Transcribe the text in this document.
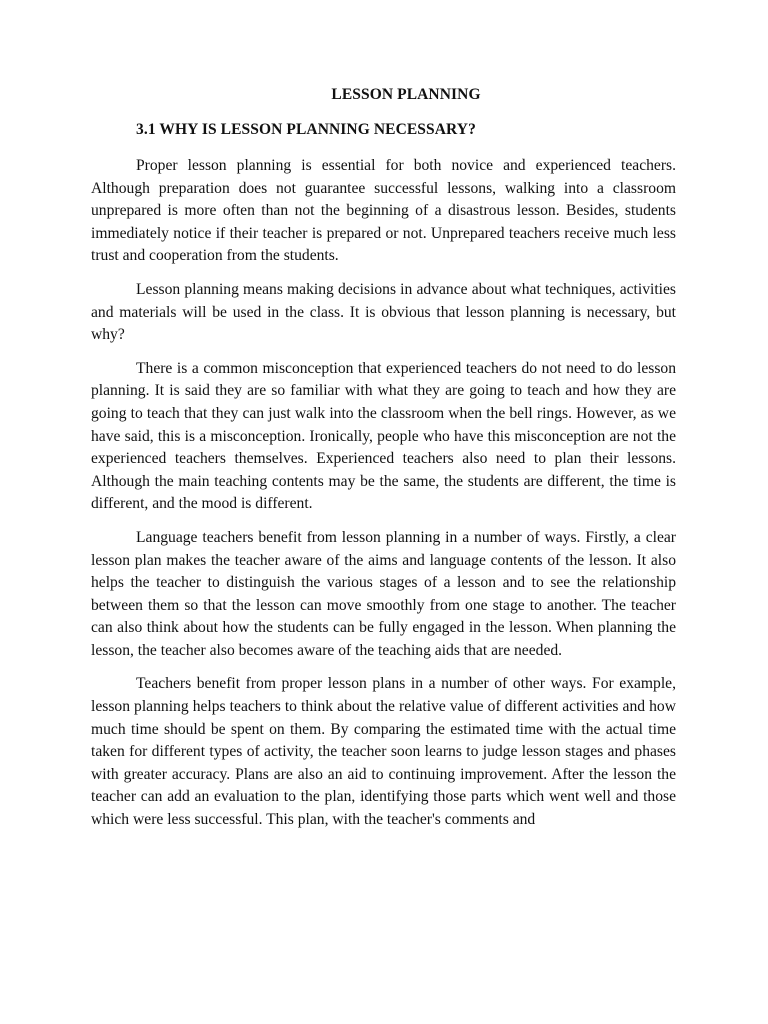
LESSON PLANNING
3.1 WHY IS LESSON PLANNING NECESSARY?

Proper lesson planning is essential for both novice and experienced teachers. Although preparation does not guarantee successful lessons, walking into a classroom unprepared is more often than not the beginning of a disastrous lesson. Besides, students immediately notice if their teacher is prepared or not. Unprepared teachers receive much less trust and cooperation from the students.

Lesson planning means making decisions in advance about what techniques, activities and materials will be used in the class. It is obvious that lesson planning is necessary, but why?

There is a common misconception that experienced teachers do not need to do lesson planning. It is said they are so familiar with what they are going to teach and how they are going to teach that they can just walk into the classroom when the bell rings. However, as we have said, this is a misconception. Ironically, people who have this misconception are not the experienced teachers themselves. Experienced teachers also need to plan their lessons. Although the main teaching contents may be the same, the students are different, the time is different, and the mood is different.

Language teachers benefit from lesson planning in a number of ways. Firstly, a clear lesson plan makes the teacher aware of the aims and language contents of the lesson. It also helps the teacher to distinguish the various stages of a lesson and to see the relationship between them so that the lesson can move smoothly from one stage to another. The teacher can also think about how the students can be fully engaged in the lesson. When planning the lesson, the teacher also becomes aware of the teaching aids that are needed.

Teachers benefit from proper lesson plans in a number of other ways. For example, lesson planning helps teachers to think about the relative value of different activities and how much time should be spent on them. By comparing the estimated time with the actual time taken for different types of activity, the teacher soon learns to judge lesson stages and phases with greater accuracy. Plans are also an aid to continuing improvement. After the lesson the teacher can add an evaluation to the plan, identifying those parts which went well and those which were less successful. This plan, with the teacher's comments and
